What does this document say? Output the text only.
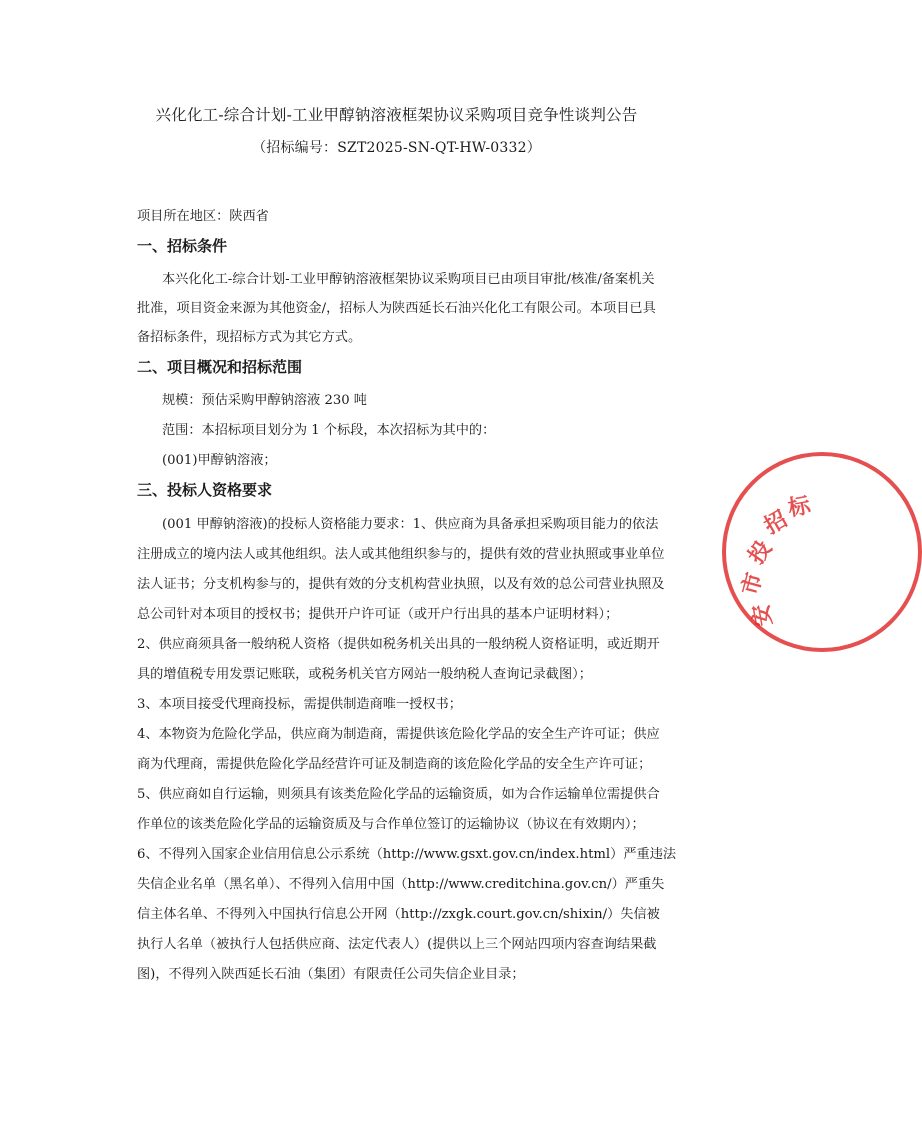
兴化化工-综合计划-工业甲醇钠溶液框架协议采购项目竞争性谈判公告
（招标编号：SZT2025-SN-QT-HW-0332）
项目所在地区：陕西省
一、招标条件
本兴化化工-综合计划-工业甲醇钠溶液框架协议采购项目已由项目审批/核准/备案机关
批准，项目资金来源为其他资金/，招标人为陕西延长石油兴化化工有限公司。本项目已具
备招标条件，现招标方式为其它方式。
二、项目概况和招标范围
规模：预估采购甲醇钠溶液 230 吨
范围：本招标项目划分为 1 个标段，本次招标为其中的：
(001)甲醇钠溶液；
三、投标人资格要求
(001 甲醇钠溶液)的投标人资格能力要求：1、供应商为具备承担采购项目能力的依法
注册成立的境内法人或其他组织。法人或其他组织参与的，提供有效的营业执照或事业单位
法人证书；分支机构参与的，提供有效的分支机构营业执照，以及有效的总公司营业执照及
总公司针对本项目的授权书；提供开户许可证（或开户行出具的基本户证明材料）；
2、供应商须具备一般纳税人资格（提供如税务机关出具的一般纳税人资格证明，或近期开
具的增值税专用发票记账联，或税务机关官方网站一般纳税人查询记录截图）；
3、本项目接受代理商投标，需提供制造商唯一授权书；
4、本物资为危险化学品，供应商为制造商，需提供该危险化学品的安全生产许可证；供应
商为代理商，需提供危险化学品经营许可证及制造商的该危险化学品的安全生产许可证；
5、供应商如自行运输，则须具有该类危险化学品的运输资质，如为合作运输单位需提供合
作单位的该类危险化学品的运输资质及与合作单位签订的运输协议（协议在有效期内）；
6、不得列入国家企业信用信息公示系统（http://www.gsxt.gov.cn/index.html）严重违法
失信企业名单（黑名单）、不得列入信用中国（http://www.creditchina.gov.cn/）严重失
信主体名单、不得列入中国执行信息公开网（http://zxgk.court.gov.cn/shixin/）失信被
执行人名单（被执行人包括供应商、法定代表人）(提供以上三个网站四项内容查询结果截
图)，不得列入陕西延长石油（集团）有限责任公司失信企业目录；
市
投
招
标
安
